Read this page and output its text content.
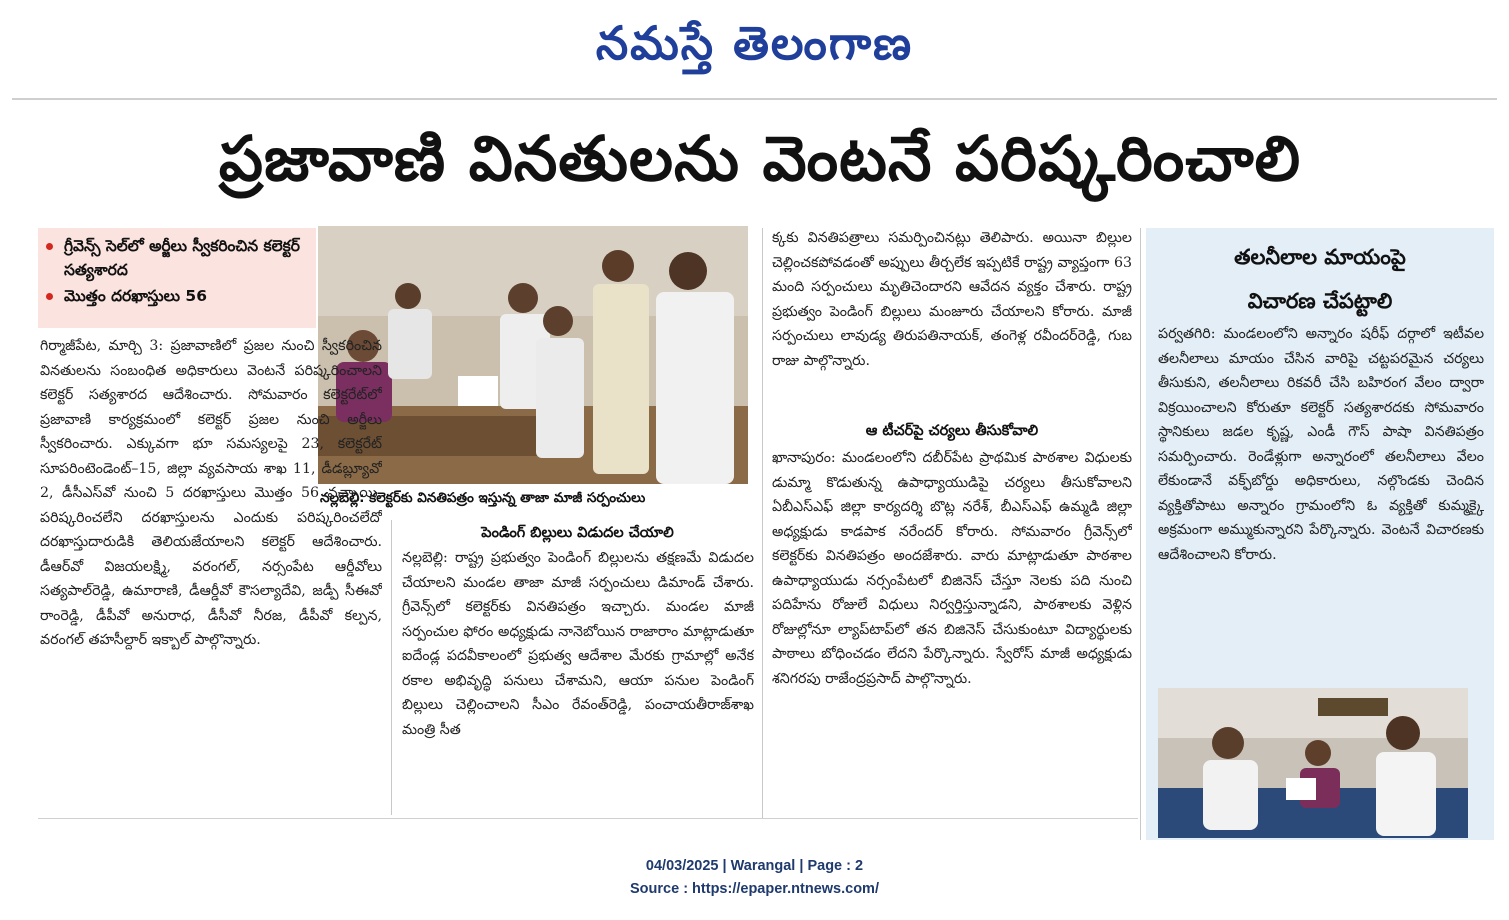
నమస్తే తెలంగాణ
ప్రజావాణి వినతులను వెంటనే పరిష్కరించాలి
గ్రీవెన్స్ సెల్‌లో అర్జీలు స్వీకరించిన కలెక్టర్ సత్యశారద
మొత్తం దరఖాస్తులు 56
నల్లబెల్లి: కలెక్టర్‌కు వినతిపత్రం ఇస్తున్న తాజా మాజీ సర్పంచులు

గిర్మాజీపేట, మార్చి 3: ప్రజావాణిలో ప్రజల నుంచి స్వీకరించిన వినతులను సంబంధిత అధికారులు వెంటనే పరిష్కరించాలని కలెక్టర్ సత్యశారద ఆదేశించారు. సోమవారం కలెక్టరేట్‌లో ప్రజావాణి కార్యక్రమంలో కలెక్టర్ ప్రజల నుంచి అర్జీలు స్వీకరించారు. ఎక్కువగా భూ సమస్యలపై 23, కలెక్టరేట్ సూపరింటెండెంట్–15, జిల్లా వ్యవసాయ శాఖ 11, డీడబ్ల్యూవో 2, డీసీఎస్‌వో నుంచి 5 దరఖాస్తులు మొత్తం 56 వచ్చాయి. పరిష్కరించలేని దరఖాస్తులను ఎందుకు పరిష్కరించలేదో దరఖాస్తుదారుడికి తెలియజేయాలని కలెక్టర్ ఆదేశించారు. డీఆర్‌వో విజయలక్ష్మి, వరంగల్, నర్సంపేట ఆర్డీవోలు సత్యపాల్‌రెడ్డి, ఉమారాణి, డీఆర్డీవో కౌసల్యాదేవి, జడ్పీ సీఈవో రాంరెడ్డి, డీపీవో అనురాధ, డీసీవో నీరజ, డీపీవో కల్పన, వరంగల్ తహసీల్దార్ ఇక్బాల్ పాల్గొన్నారు.

పెండింగ్ బిల్లులు విడుదల చేయాలి

నల్లబెల్లి: రాష్ట్ర ప్రభుత్వం పెండింగ్ బిల్లులను తక్షణమే విడుదల చేయాలని మండల తాజా మాజీ సర్పంచులు డిమాండ్ చేశారు. గ్రీవెన్స్‌లో కలెక్టర్‌కు వినతిపత్రం ఇచ్చారు. మండల మాజీ సర్పంచుల ఫోరం అధ్యక్షుడు నానెబోయిన రాజారాం మాట్లాడుతూ ఐదేండ్ల పదవీకాలంలో ప్రభుత్వ ఆదేశాల మేరకు గ్రామాల్లో అనేక రకాల అభివృద్ధి పనులు చేశామని, ఆయా పనుల పెండింగ్ బిల్లులు చెల్లించాలని సీఎం రేవంత్‌రెడ్డి, పంచాయతీరాజ్‌శాఖ మంత్రి సీత

క్కకు వినతిపత్రాలు సమర్పించినట్లు తెలిపారు. అయినా బిల్లుల చెల్లించకపోవడంతో అప్పులు తీర్చలేక ఇప్పటికే రాష్ట్ర వ్యాప్తంగా 63 మంది సర్పంచులు మృతిచెందారని ఆవేదన వ్యక్తం చేశారు. రాష్ట్ర ప్రభుత్వం పెండింగ్ బిల్లులు మంజూరు చేయాలని కోరారు. మాజీ సర్పంచులు లావుడ్య తిరుపతినాయక్, తంగెళ్ల రవీందర్‌రెడ్డి, గుబ రాజు పాల్గొన్నారు.

ఆ టీచర్‌పై చర్యలు తీసుకోవాలి

ఖానాపురం: మండలంలోని దబీర్‌పేట ప్రాథమిక పాఠశాల విధులకు డుమ్మా కొడుతున్న ఉపాధ్యాయుడిపై చర్యలు తీసుకోవాలని ఏబీఎస్ఎఫ్ జిల్లా కార్యదర్శి బొట్ల నరేశ్, బీఎస్ఎఫ్ ఉమ్మడి జిల్లా అధ్యక్షుడు కాడపాక నరేందర్ కోరారు. సోమవారం గ్రీవెన్స్‌లో కలెక్టర్‌కు వినతిపత్రం అందజేశారు. వారు మాట్లాడుతూ పాఠశాల ఉపాధ్యాయుడు నర్సంపేటలో బిజినెస్ చేస్తూ నెలకు పది నుంచి పదిహేను రోజులే విధులు నిర్వర్తిస్తున్నాడని, పాఠశాలకు వెళ్లిన రోజుల్లోనూ ల్యాప్‌టాప్‌లో తన బిజినెస్ చేసుకుంటూ విద్యార్థులకు పాఠాలు బోధించడం లేదని పేర్కొన్నారు. స్వేరోస్ మాజీ అధ్యక్షుడు శనిగరపు రాజేంద్రప్రసాద్ పాల్గొన్నారు.

తలనీలాల మాయంపై
విచారణ చేపట్టాలి

పర్వతగిరి: మండలంలోని అన్నారం షరీఫ్ దర్గాలో ఇటీవల తలనీలాలు మాయం చేసిన వారిపై చట్టపరమైన చర్యలు తీసుకుని, తలనీలాలు రికవరీ చేసి బహిరంగ వేలం ద్వారా విక్రయించాలని కోరుతూ కలెక్టర్ సత్యశారదకు సోమవారం స్థానికులు జడల కృష్ణ, ఎండీ గౌస్ పాషా వినతిపత్రం సమర్పించారు. రెండేళ్లుగా అన్నారంలో తలనీలాలు వేలం లేకుండానే వక్ఫ్‌బోర్డు అధికారులు, నల్గొండకు చెందిన వ్యక్తితోపాటు అన్నారం గ్రామంలోని ఓ వ్యక్తితో కుమ్మక్కై అక్రమంగా అమ్ముకున్నారని పేర్కొన్నారు. వెంటనే విచారణకు ఆదేశించాలని కోరారు.

04/03/2025 | Warangal | Page : 2
Source : https://epaper.ntnews.com/
